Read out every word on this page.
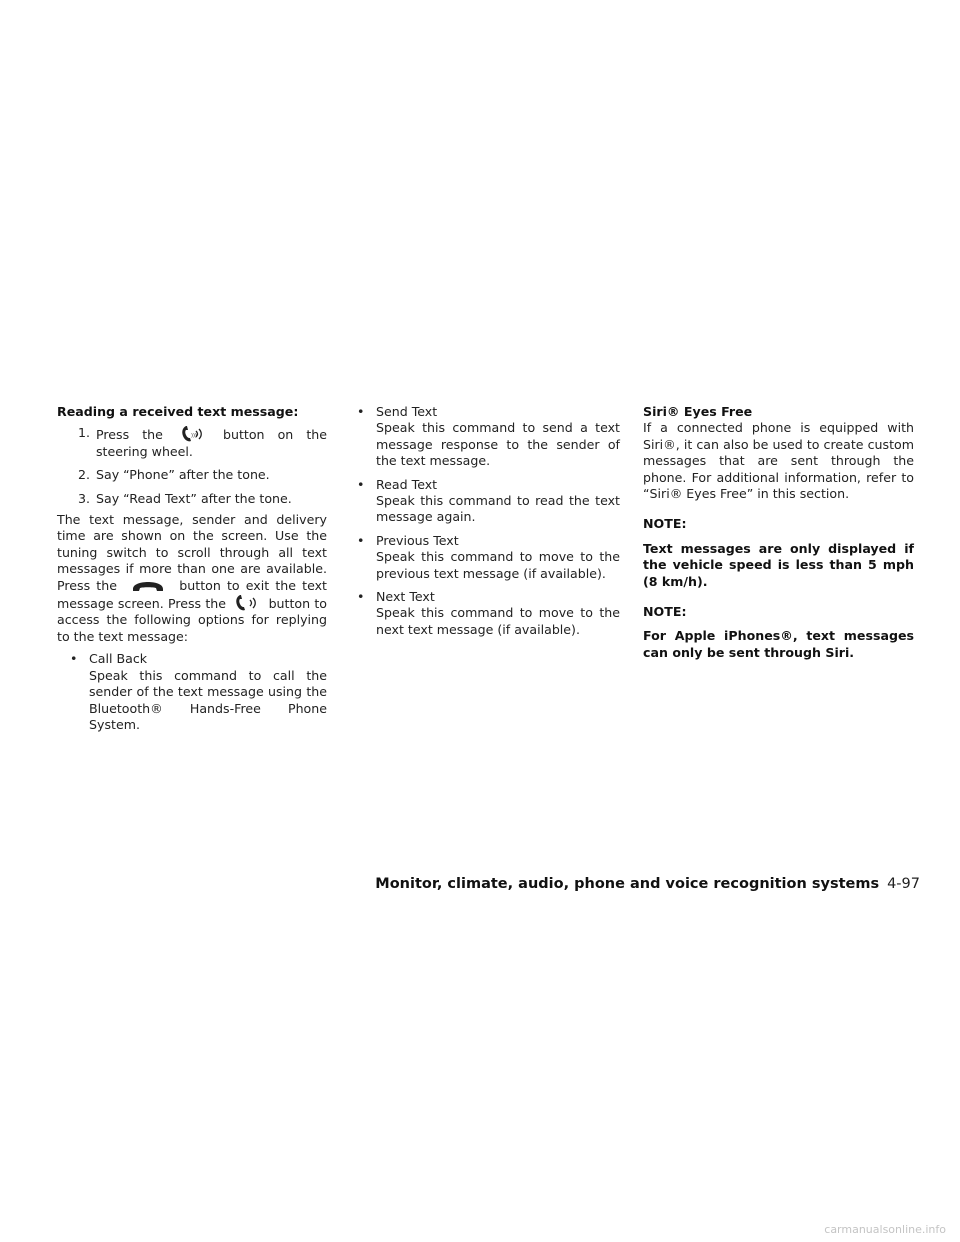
Reading a received text message:

1. Press the	))) button on the steering wheel.
2. Say “Phone” after the tone.
3. Say “Read Text” after the tone.

The text message, sender and delivery time are shown on the screen. Use the tuning switch to scroll through all text messages if more than one are available. Press the	button to exit the text message screen. Press the	button to access the following options for replying to the text message:

• Call Back

Speak this command to call the sender of the text message using the Bluetooth® Hands-Free Phone System.

• Send Text

Speak this command to send a text message response to the sender of the text message.

• Read Text

Speak this command to read the text message again.

• Previous Text

Speak this command to move to the previous text message (if available).

• Next Text

Speak this command to move to the next text message (if available).

Siri® Eyes Free

If a connected phone is equipped with Siri®, it can also be used to create custom messages that are sent through the phone. For additional information, refer to “Siri® Eyes Free” in this section.

NOTE:

Text messages are only displayed if the vehicle speed is less than 5 mph (8 km/h).

NOTE:

For Apple iPhones®, text messages can only be sent through Siri.

Monitor, climate, audio, phone and voice recognition systems 4-97
carmanualsonline.info
